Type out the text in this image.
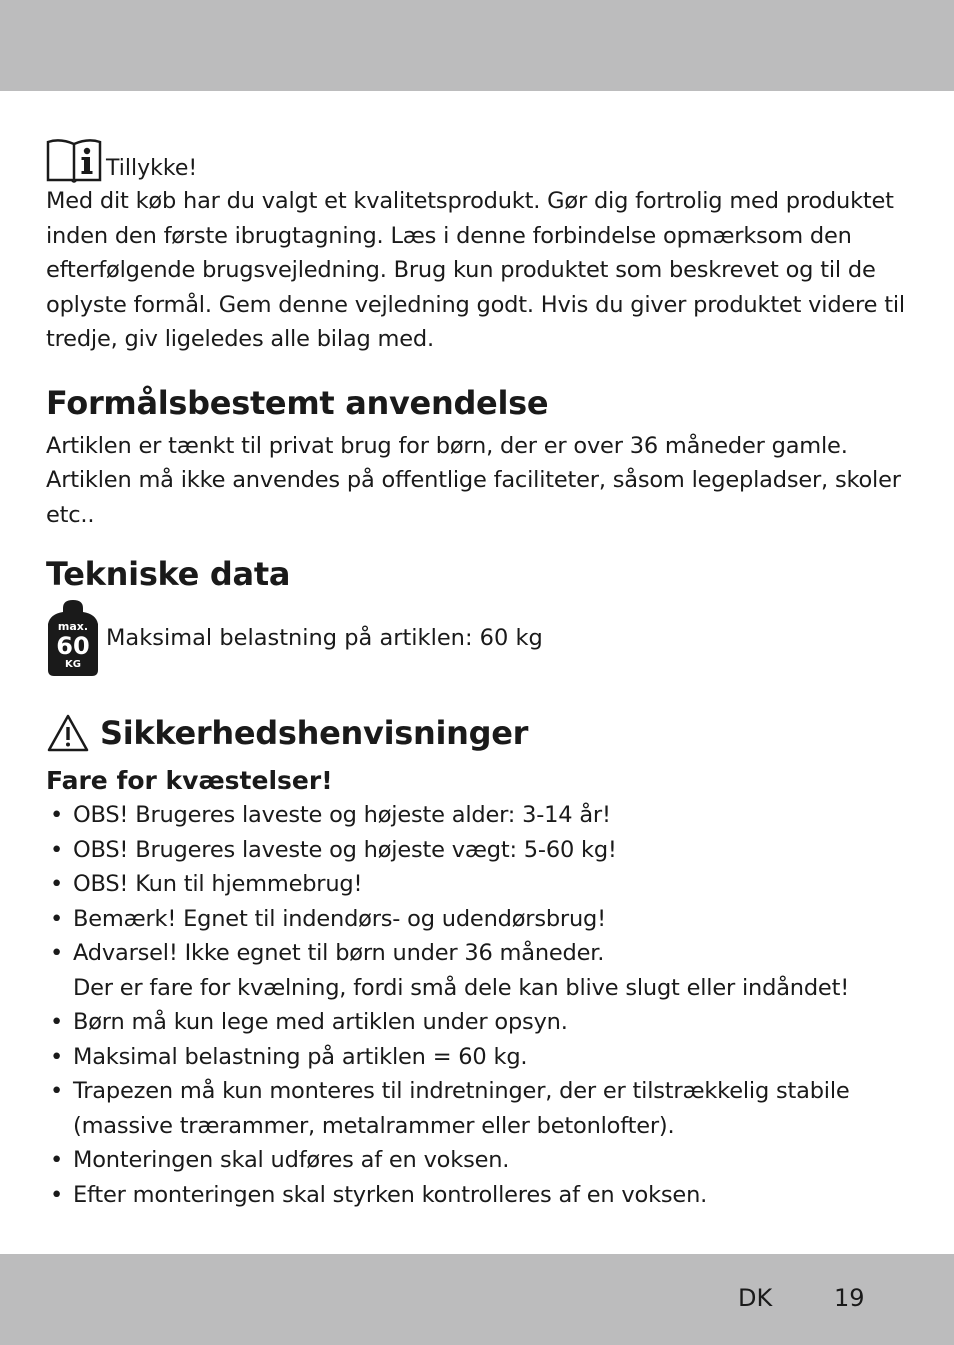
Tillykke!

Med dit køb har du valgt et kvalitetsprodukt. Gør dig fortrolig med produktet inden den første ibrugtagning. Læs i denne forbindelse opmærksom den efterfølgende brugsvejledning. Brug kun produktet som beskrevet og til de oplyste formål. Gem denne vejledning godt. Hvis du giver produktet videre til tredje, giv ligeledes alle bilag med.

Formålsbestemt anvendelse

Artiklen er tænkt til privat brug for børn, der er over 36 måneder gamle. Artiklen må ikke anvendes på offentlige faciliteter, såsom legepladser, skoler etc..

Tekniske data
max.
60
KG
Maksimal belastning på artiklen: 60 kg
Sikkerhedshenvisninger
Fare for kvæstelser!
• OBS! Brugeres laveste og højeste alder: 3-14 år!
• OBS! Brugeres laveste og højeste vægt: 5-60 kg!
• OBS! Kun til hjemmebrug!
• Bemærk! Egnet til indendørs- og udendørsbrug!
• Advarsel! Ikke egnet til børn under 36 måneder.
Der er fare for kvælning, fordi små dele kan blive slugt eller indåndet!
• Børn må kun lege med artiklen under opsyn.
• Maksimal belastning på artiklen = 60 kg.
• Trapezen må kun monteres til indretninger, der er tilstrækkelig stabile
(massive trærammer, metalrammer eller betonlofter).
• Monteringen skal udføres af en voksen.
• Efter monteringen skal styrken kontrolleres af en voksen.
DK	19
